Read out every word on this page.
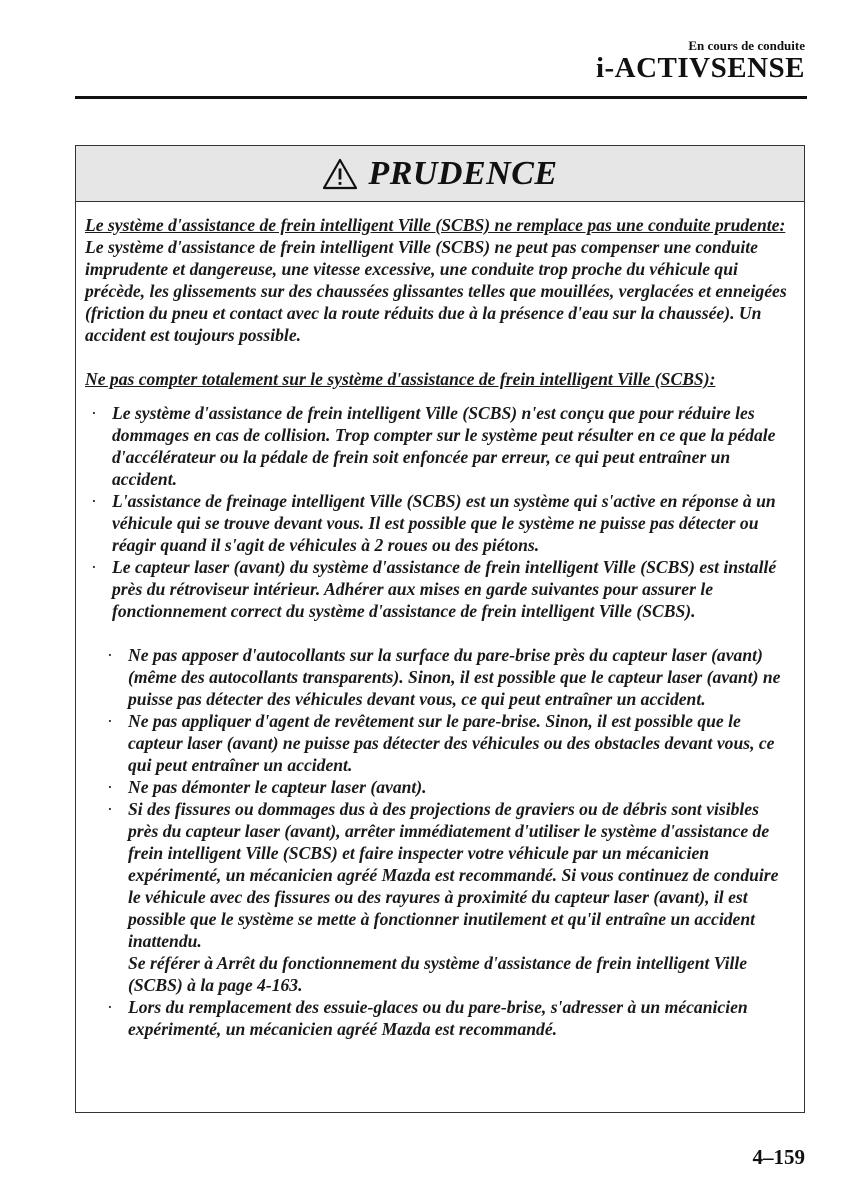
En cours de conduite
i-ACTIVSENSE
PRUDENCE

Le système d'assistance de frein intelligent Ville (SCBS) ne remplace pas une conduite prudente:

Le système d'assistance de frein intelligent Ville (SCBS) ne peut pas compenser une conduite imprudente et dangereuse, une vitesse excessive, une conduite trop proche du véhicule qui précède, les glissements sur des chaussées glissantes telles que mouillées, verglacées et enneigées (friction du pneu et contact avec la route réduits due à la présence d'eau sur la chaussée). Un accident est toujours possible.

Ne pas compter totalement sur le système d'assistance de frein intelligent Ville (SCBS):

· Le système d'assistance de frein intelligent Ville (SCBS) n'est conçu que pour réduire les dommages en cas de collision. Trop compter sur le système peut résulter en ce que la pédale d'accélérateur ou la pédale de frein soit enfoncée par erreur, ce qui peut entraîner un accident.
· L'assistance de freinage intelligent Ville (SCBS) est un système qui s'active en réponse à un véhicule qui se trouve devant vous. Il est possible que le système ne puisse pas détecter ou réagir quand il s'agit de véhicules à 2 roues ou des piétons.
· Le capteur laser (avant) du système d'assistance de frein intelligent Ville (SCBS) est installé près du rétroviseur intérieur. Adhérer aux mises en garde suivantes pour assurer le fonctionnement correct du système d'assistance de frein intelligent Ville (SCBS).
· Ne pas apposer d'autocollants sur la surface du pare-brise près du capteur laser (avant) (même des autocollants transparents). Sinon, il est possible que le capteur laser (avant) ne puisse pas détecter des véhicules devant vous, ce qui peut entraîner un accident.
· Ne pas appliquer d'agent de revêtement sur le pare-brise. Sinon, il est possible que le capteur laser (avant) ne puisse pas détecter des véhicules ou des obstacles devant vous, ce qui peut entraîner un accident.
· Ne pas démonter le capteur laser (avant).
· Si des fissures ou dommages dus à des projections de graviers ou de débris sont visibles près du capteur laser (avant), arrêter immédiatement d'utiliser le système d'assistance de frein intelligent Ville (SCBS) et faire inspecter votre véhicule par un mécanicien expérimenté, un mécanicien agréé Mazda est recommandé. Si vous continuez de conduire le véhicule avec des fissures ou des rayures à proximité du capteur laser (avant), il est possible que le système se mette à fonctionner inutilement et qu'il entraîne un accident inattendu.

Se référer à Arrêt du fonctionnement du système d'assistance de frein intelligent Ville (SCBS) à la page 4-163.

· Lors du remplacement des essuie-glaces ou du pare-brise, s'adresser à un mécanicien expérimenté, un mécanicien agréé Mazda est recommandé.
4–159
